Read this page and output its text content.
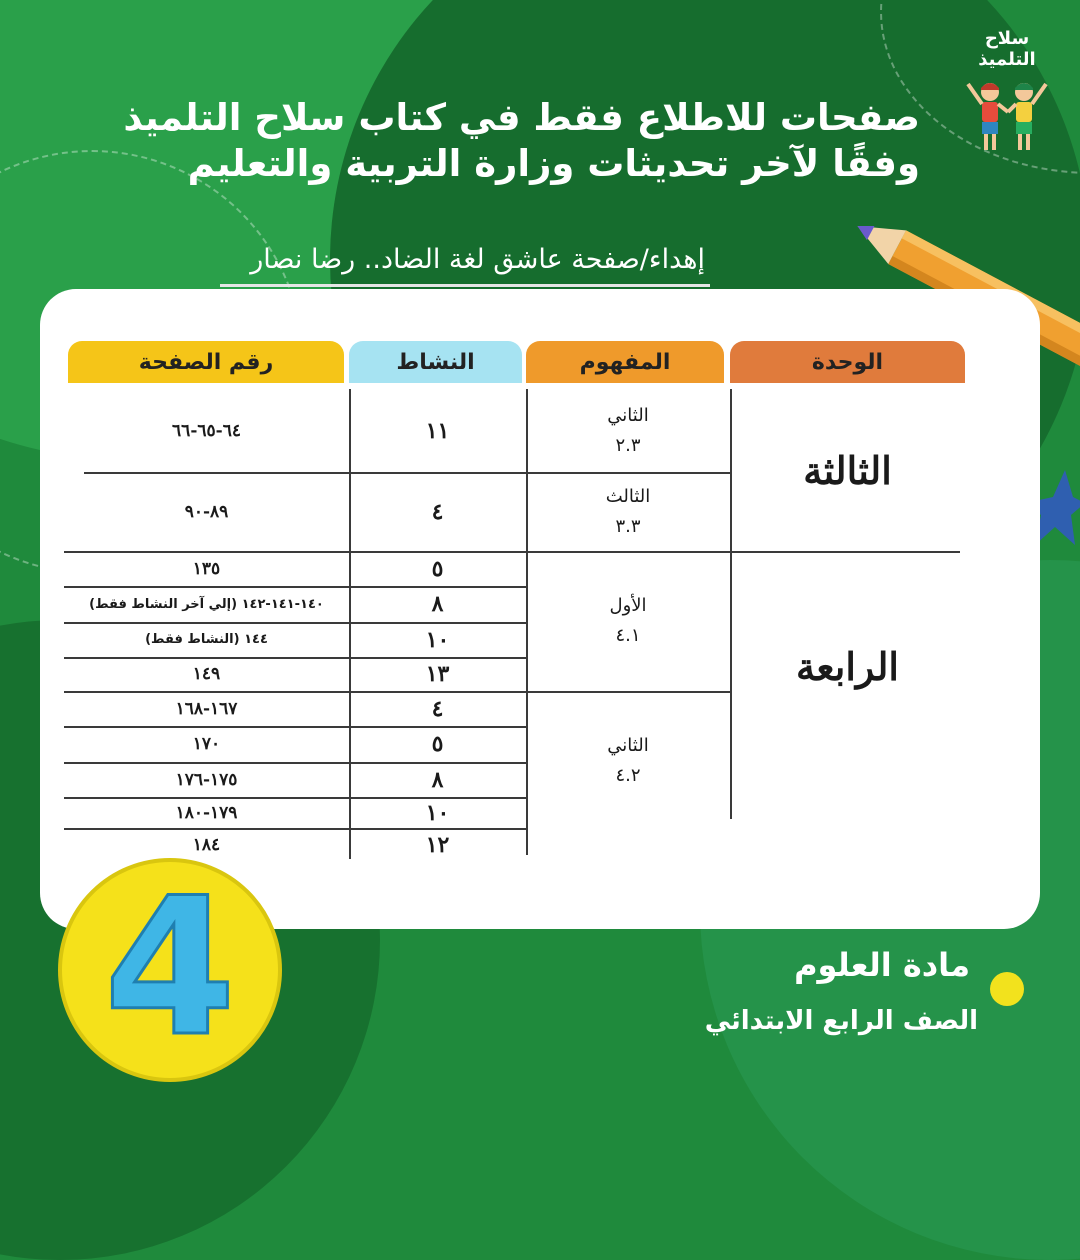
سلاح التلميذ
صفحات للاطلاع فقط في كتاب سلاح التلميذ
وفقًا لآخر تحديثات وزارة التربية والتعليم
إهداء/صفحة عاشق لغة الضاد.. رضا نصار
الوحدة
المفهوم
النشاط
رقم الصفحة
الثالثة
الرابعة
الثاني
٢.٣
الثالث
٣.٣
الأول
٤.١
الثاني
٤.٢
١١
٤
٥
٨
١٠
١٣
٤
٥
٨
١٠
١٢
٦٤-٦٥-٦٦
٨٩-٩٠
١٣٥
١٤٠-١٤١-١٤٢ (إلي آخر النشاط فقط)
١٤٤ (النشاط فقط)
١٤٩
١٦٧-١٦٨
١٧٠
١٧٥-١٧٦
١٧٩-١٨٠
١٨٤
4	مادة العلوم
الصف الرابع الابتدائي
